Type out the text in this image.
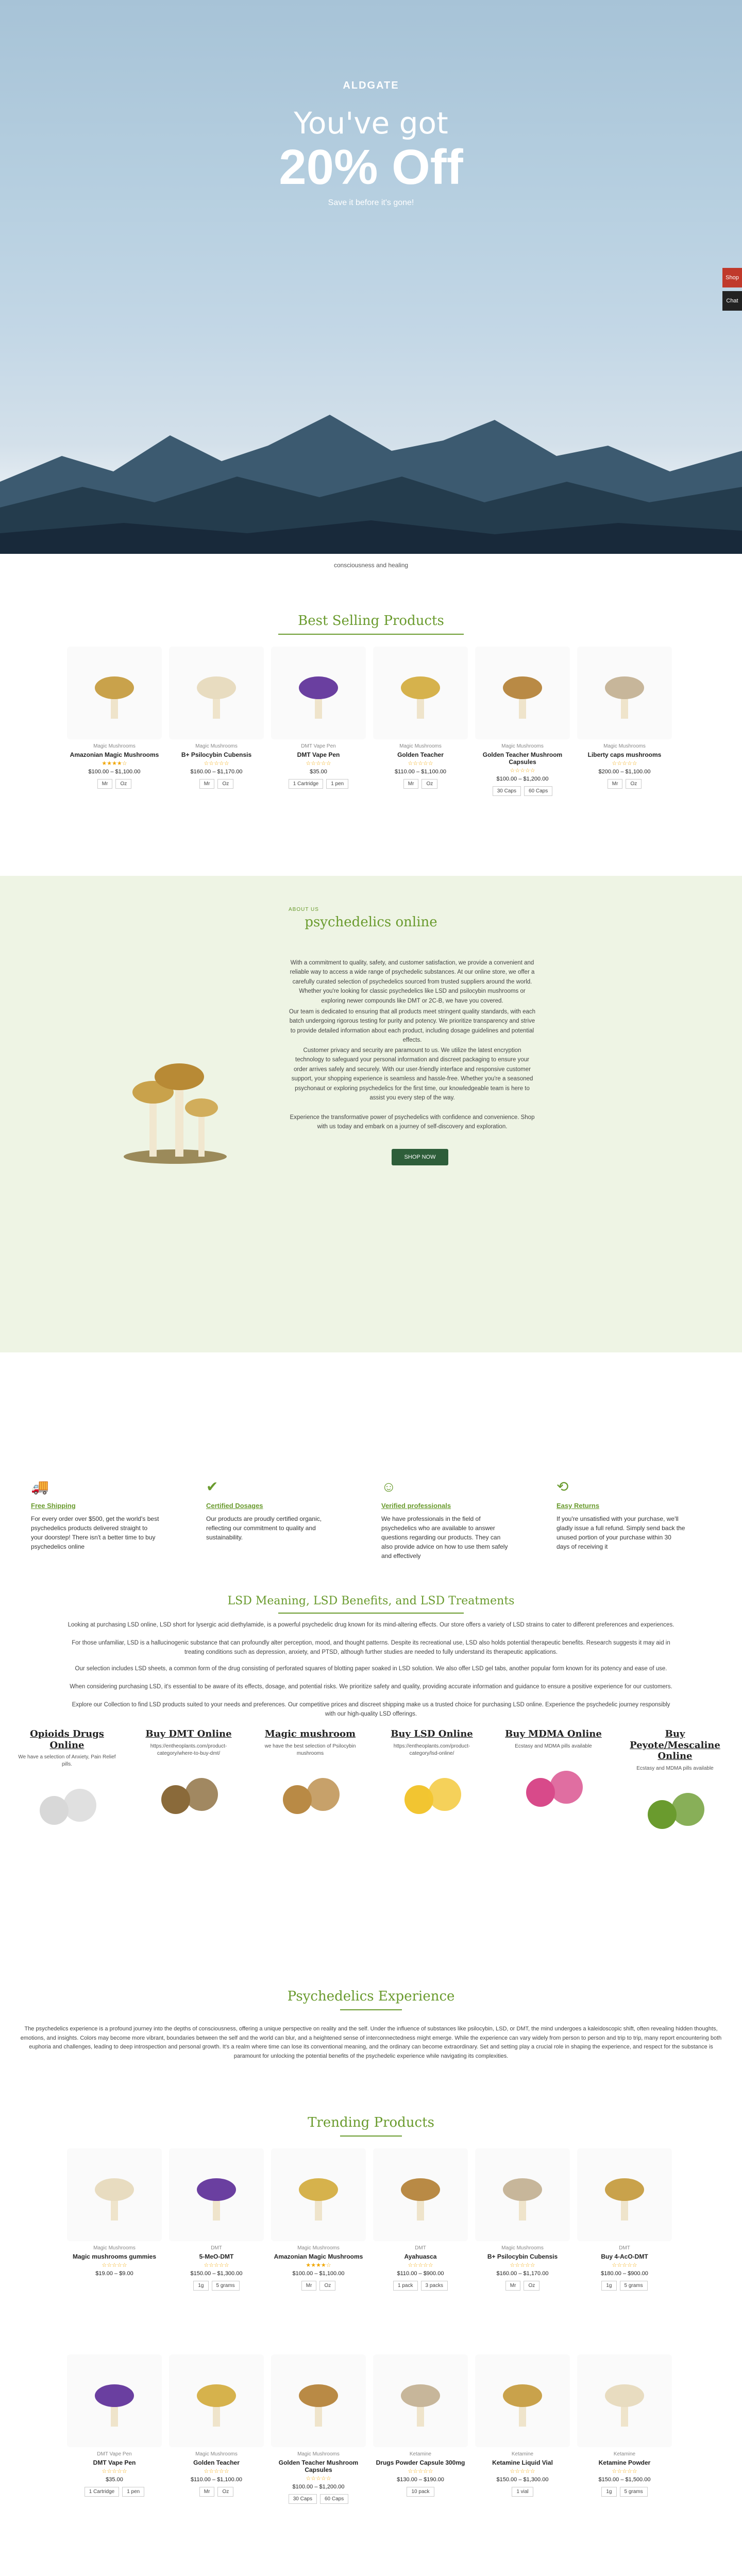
ALDGATE
You've got
20% Off
Save it before it's gone!
Shop
Chat
consciousness and healing
Best Selling Products
Magic Mushrooms
Amazonian Magic Mushrooms
★★★★☆
$100.00 – $1,100.00
Mr	Oz
Magic Mushrooms
B+ Psilocybin Cubensis
☆☆☆☆☆
$160.00 – $1,170.00
Mr	Oz
DMT Vape Pen
DMT Vape Pen
☆☆☆☆☆
$35.00
1 Cartridge	1 pen
Magic Mushrooms
Golden Teacher
☆☆☆☆☆
$110.00 – $1,100.00
Mr	Oz
Magic Mushrooms
Golden Teacher Mushroom Capsules
☆☆☆☆☆
$100.00 – $1,200.00
30 Caps	60 Caps
Magic Mushrooms
Liberty caps mushrooms
☆☆☆☆☆
$200.00 – $1,100.00
Mr	Oz
ABOUT US
psychedelics online
With a commitment to quality, safety, and customer satisfaction, we provide a convenient and reliable way to access a wide range of psychedelic substances. At our online store, we offer a carefully curated selection of psychedelics sourced from trusted suppliers around the world. Whether you're looking for classic psychedelics like LSD and psilocybin mushrooms or exploring newer compounds like DMT or 2C-B, we have you covered.
Our team is dedicated to ensuring that all products meet stringent quality standards, with each batch undergoing rigorous testing for purity and potency. We prioritize transparency and strive to provide detailed information about each product, including dosage guidelines and potential effects.
Customer privacy and security are paramount to us. We utilize the latest encryption technology to safeguard your personal information and discreet packaging to ensure your order arrives safely and securely. With our user-friendly interface and responsive customer support, your shopping experience is seamless and hassle-free. Whether you're a seasoned psychonaut or exploring psychedelics for the first time, our knowledgeable team is here to assist you every step of the way.
Experience the transformative power of psychedelics with confidence and convenience. Shop with us today and embark on a journey of self-discovery and exploration.
SHOP NOW
🚚
Free Shipping

For every order over $500, get the world's best psychedelics products delivered straight to your doorstep! There isn't a better time to buy psychedelics online

✔
Certified Dosages

Our products are proudly certified organic, reflecting our commitment to quality and sustainability.

☺
Verified professionals

We have professionals in the field of psychedelics who are available to answer questions regarding our products. They can also provide advice on how to use them safely and effectively

⟲
Easy Returns

If you're unsatisfied with your purchase, we'll gladly issue a full refund. Simply send back the unused portion of your purchase within 30 days of receiving it

LSD Meaning, LSD Benefits, and LSD Treatments
Looking at purchasing LSD online, LSD short for lysergic acid diethylamide, is a powerful psychedelic drug known for its mind-altering effects. Our store offers a variety of LSD strains to cater to different preferences and experiences.
For those unfamiliar, LSD is a hallucinogenic substance that can profoundly alter perception, mood, and thought patterns. Despite its recreational use, LSD also holds potential therapeutic benefits. Research suggests it may aid in treating conditions such as depression, anxiety, and PTSD, although further studies are needed to fully understand its therapeutic applications.
Our selection includes LSD sheets, a common form of the drug consisting of perforated squares of blotting paper soaked in LSD solution. We also offer LSD gel tabs, another popular form known for its potency and ease of use.
When considering purchasing LSD, it's essential to be aware of its effects, dosage, and potential risks. We prioritize safety and quality, providing accurate information and guidance to ensure a positive experience for our customers.
Explore our Collection to find LSD products suited to your needs and preferences. Our competitive prices and discreet shipping make us a trusted choice for purchasing LSD online. Experience the psychedelic journey responsibly with our high-quality LSD offerings.
Opioids Drugs Online

We have a selection of Anxiety, Pain Relief pills.

Buy DMT Online

https://entheoplants.com/product-category/where-to-buy-dmt/

Magic mushroom

we have the best selection of Psilocybin mushrooms

Buy LSD Online

https://entheoplants.com/product-category/lsd-online/

Buy MDMA Online

Ecstasy and MDMA pills available

Buy Peyote/Mescaline Online

Ecstasy and MDMA pills available

Psychedelics Experience
The psychedelics experience is a profound journey into the depths of consciousness, offering a unique perspective on reality and the self. Under the influence of substances like psilocybin, LSD, or DMT, the mind undergoes a kaleidoscopic shift, often revealing hidden thoughts, emotions, and insights. Colors may become more vibrant, boundaries between the self and the world can blur, and a heightened sense of interconnectedness might emerge. While the experience can vary widely from person to person and trip to trip, many report encountering both euphoria and challenges, leading to deep introspection and personal growth. It's a realm where time can lose its conventional meaning, and the ordinary can become extraordinary. Set and setting play a crucial role in shaping the experience, and respect for the substance is paramount for unlocking the potential benefits of the psychedelic experience while navigating its complexities.
Trending Products
Magic Mushrooms
Magic mushrooms gummies
☆☆☆☆☆
$19.00 – $9.00
DMT
5-MeO-DMT
☆☆☆☆☆
$150.00 – $1,300.00
1g	5 grams
Magic Mushrooms
Amazonian Magic Mushrooms
★★★★☆
$100.00 – $1,100.00
Mr	Oz
DMT
Ayahuasca
☆☆☆☆☆
$110.00 – $900.00
1 pack	3 packs
Magic Mushrooms
B+ Psilocybin Cubensis
☆☆☆☆☆
$160.00 – $1,170.00
Mr	Oz
DMT
Buy 4-AcO-DMT
☆☆☆☆☆
$180.00 – $900.00
1g	5 grams
DMT Vape Pen
DMT Vape Pen
☆☆☆☆☆
$35.00
1 Cartridge	1 pen
Magic Mushrooms
Golden Teacher
☆☆☆☆☆
$110.00 – $1,100.00
Mr	Oz
Magic Mushrooms
Golden Teacher Mushroom Capsules
☆☆☆☆☆
$100.00 – $1,200.00
30 Caps	60 Caps
Ketamine
Drugs Powder Capsule 300mg
☆☆☆☆☆
$130.00 – $190.00
10 pack
Ketamine
Ketamine Liquid Vial
☆☆☆☆☆
$150.00 – $1,300.00
1 vial
Ketamine
Ketamine Powder
☆☆☆☆☆
$150.00 – $1,500.00
1g	5 grams
